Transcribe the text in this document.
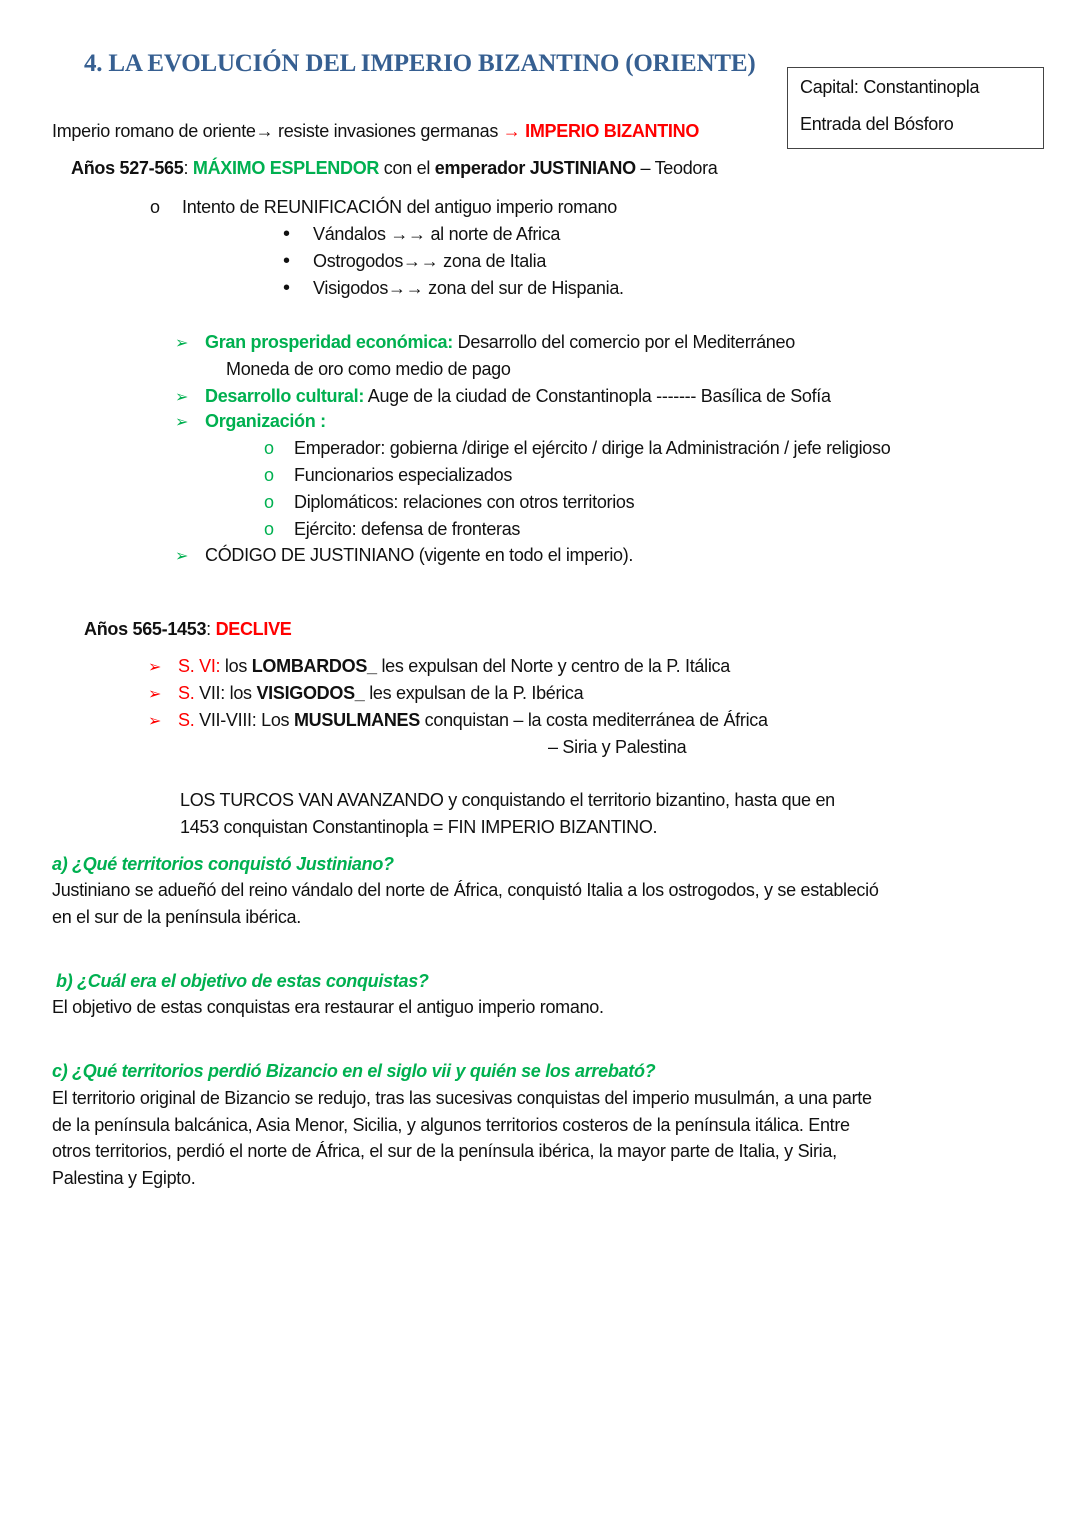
4. LA EVOLUCIÓN DEL IMPERIO BIZANTINO (ORIENTE)
Capital: Constantinopla
Entrada del Bósforo
Imperio romano de oriente→ resiste invasiones germanas → IMPERIO BIZANTINO
Años 527-565: MÁXIMO ESPLENDOR con el emperador JUSTINIANO – Teodora
o Intento de REUNIFICACIÓN del antiguo imperio romano
• Vándalos →→ al norte de Africa
• Ostrogodos→→ zona de Italia
• Visigodos→→ zona del sur de Hispania.
➢ Gran prosperidad económica: Desarrollo del comercio por el Mediterráneo
Moneda de oro como medio de pago
➢ Desarrollo cultural: Auge de la ciudad de Constantinopla ------- Basílica de Sofía
➢ Organización :
o Emperador: gobierna /dirige el ejército / dirige la Administración / jefe religioso
o Funcionarios especializados
o Diplomáticos: relaciones con otros territorios
o Ejército: defensa de fronteras
➢ CÓDIGO DE JUSTINIANO (vigente en todo el imperio).
Años 565-1453: DECLIVE
➢ S. VI: los LOMBARDOS_ les expulsan del Norte y centro de la P. Itálica
➢ S. VII: los VISIGODOS_ les expulsan de la P. Ibérica
➢ S. VII-VIII: Los MUSULMANES conquistan – la costa mediterránea de África
– Siria y Palestina
LOS TURCOS VAN AVANZANDO y conquistando el territorio bizantino, hasta que en
1453 conquistan Constantinopla = FIN IMPERIO BIZANTINO.
a) ¿Qué territorios conquistó Justiniano?
Justiniano se adueñó del reino vándalo del norte de África, conquistó Italia a los ostrogodos, y se estableció
en el sur de la península ibérica.
b) ¿Cuál era el objetivo de estas conquistas?
El objetivo de estas conquistas era restaurar el antiguo imperio romano.
c) ¿Qué territorios perdió Bizancio en el siglo vii y quién se los arrebató?
El territorio original de Bizancio se redujo, tras las sucesivas conquistas del imperio musulmán, a una parte
de la península balcánica, Asia Menor, Sicilia, y algunos territorios costeros de la península itálica. Entre
otros territorios, perdió el norte de África, el sur de la península ibérica, la mayor parte de Italia, y Siria,
Palestina y Egipto.
